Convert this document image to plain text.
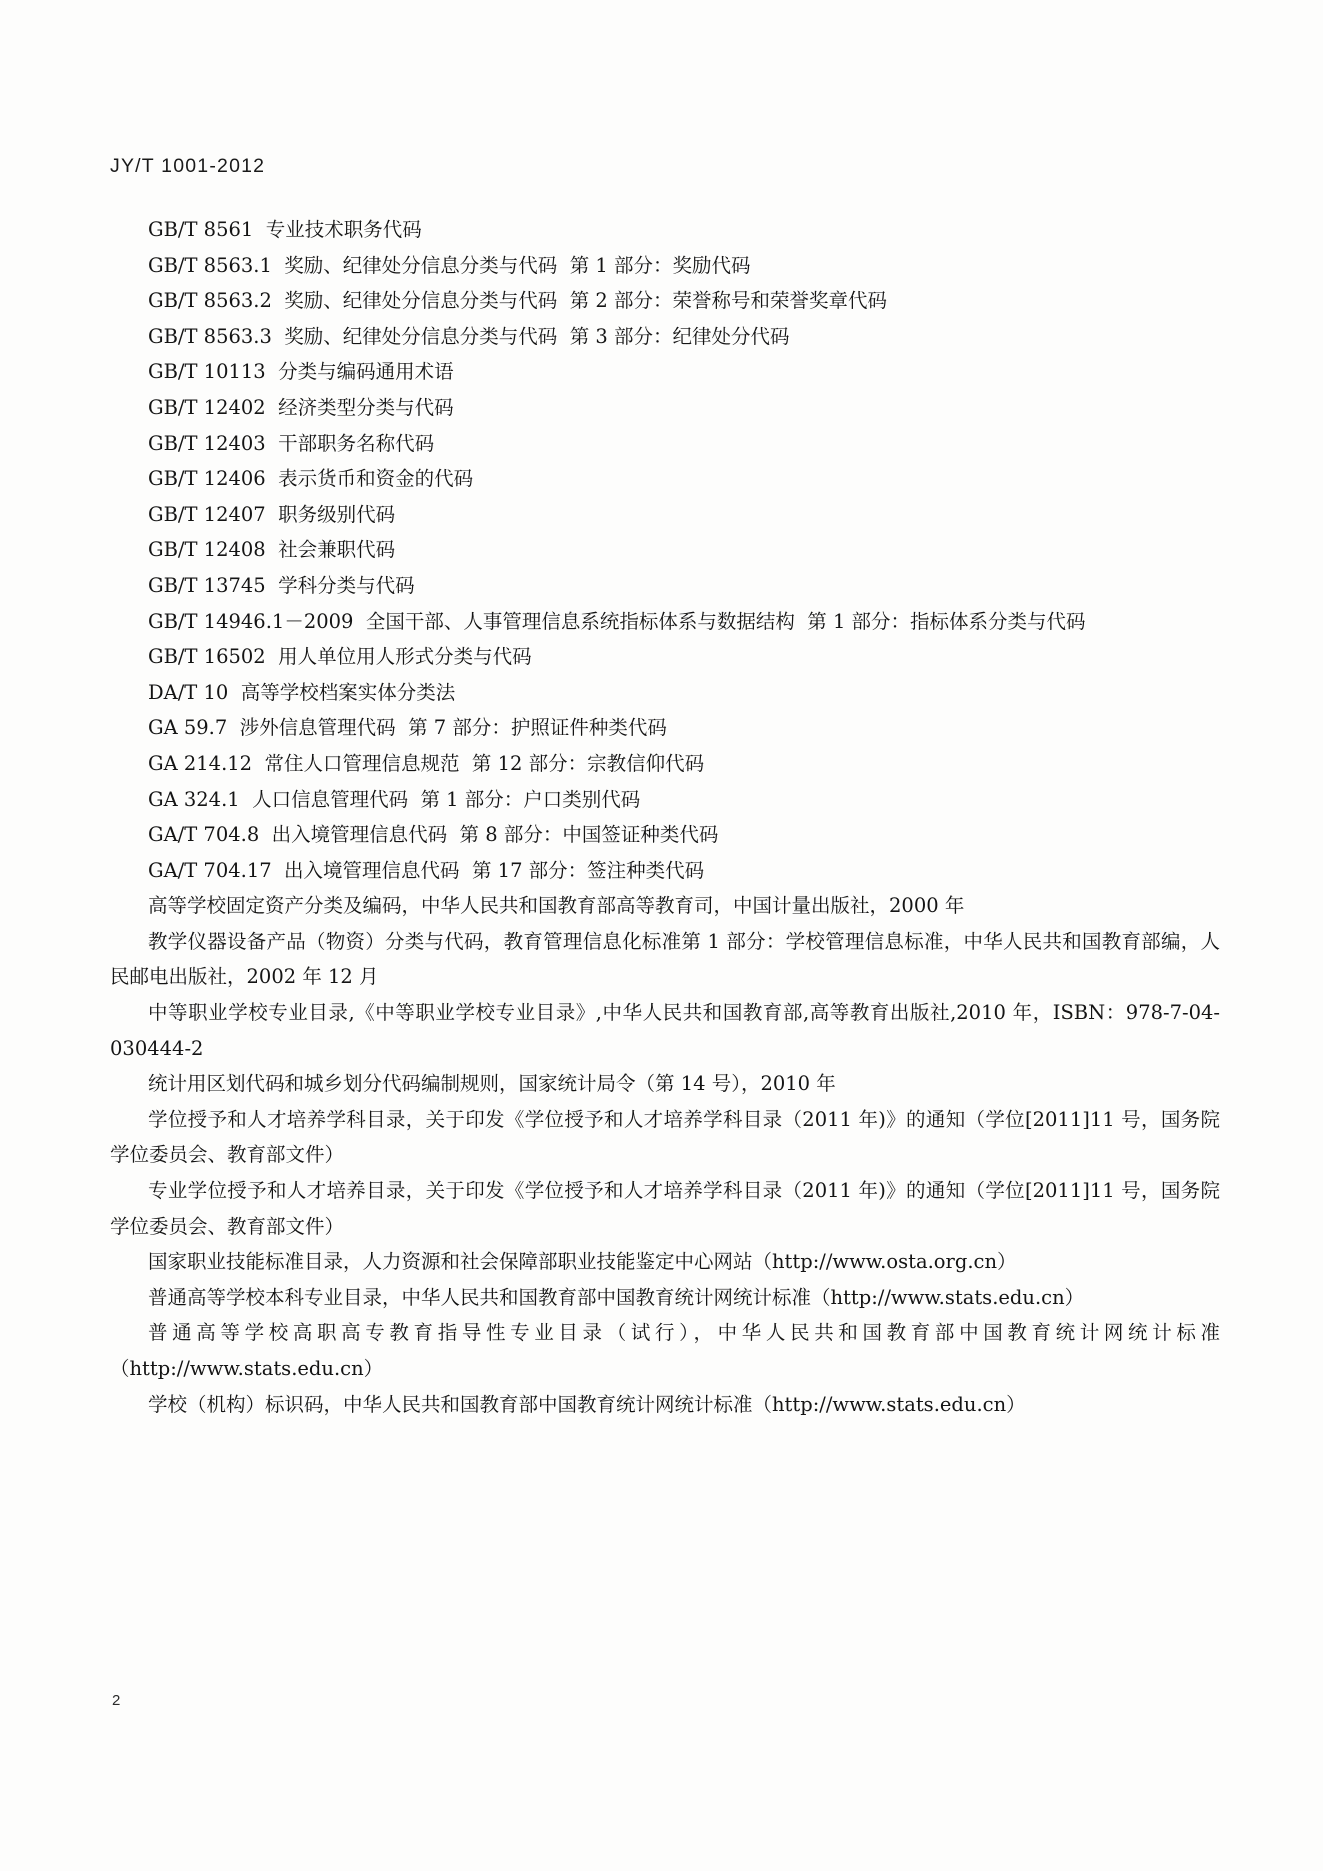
JY/T 1001-2012
GB/T 8561  专业技术职务代码
GB/T 8563.1  奖励、纪律处分信息分类与代码  第 1 部分：奖励代码
GB/T 8563.2  奖励、纪律处分信息分类与代码  第 2 部分：荣誉称号和荣誉奖章代码
GB/T 8563.3  奖励、纪律处分信息分类与代码  第 3 部分：纪律处分代码
GB/T 10113  分类与编码通用术语
GB/T 12402  经济类型分类与代码
GB/T 12403  干部职务名称代码
GB/T 12406  表示货币和资金的代码
GB/T 12407  职务级别代码
GB/T 12408  社会兼职代码
GB/T 13745  学科分类与代码
GB/T 14946.1－2009  全国干部、人事管理信息系统指标体系与数据结构  第 1 部分：指标体系分类与代码
GB/T 16502  用人单位用人形式分类与代码
DA/T 10  高等学校档案实体分类法
GA 59.7  涉外信息管理代码  第 7 部分：护照证件种类代码
GA 214.12  常住人口管理信息规范  第 12 部分：宗教信仰代码
GA 324.1  人口信息管理代码  第 1 部分：户口类别代码
GA/T 704.8  出入境管理信息代码  第 8 部分：中国签证种类代码
GA/T 704.17  出入境管理信息代码  第 17 部分：签注种类代码
高等学校固定资产分类及编码，中华人民共和国教育部高等教育司，中国计量出版社，2000 年
教学仪器设备产品（物资）分类与代码，教育管理信息化标准第 1 部分：学校管理信息标准，中华人民共和国教育部编，人民邮电出版社，2002 年 12 月
中等职业学校专业目录,《中等职业学校专业目录》,中华人民共和国教育部,高等教育出版社,2010 年，ISBN：978-7-04-030444-2
统计用区划代码和城乡划分代码编制规则，国家统计局令（第 14 号），2010 年
学位授予和人才培养学科目录，关于印发《学位授予和人才培养学科目录（2011 年)》的通知（学位[2011]11 号，国务院学位委员会、教育部文件）
专业学位授予和人才培养目录，关于印发《学位授予和人才培养学科目录（2011 年)》的通知（学位[2011]11 号，国务院学位委员会、教育部文件）
国家职业技能标准目录，人力资源和社会保障部职业技能鉴定中心网站（http://www.osta.org.cn）
普通高等学校本科专业目录，中华人民共和国教育部中国教育统计网统计标准（http://www.stats.edu.cn）
普通高等学校高职高专教育指导性专业目录（试行），中华人民共和国教育部中国教育统计网统计标准（http://www.stats.edu.cn）
学校（机构）标识码，中华人民共和国教育部中国教育统计网统计标准（http://www.stats.edu.cn）
2
